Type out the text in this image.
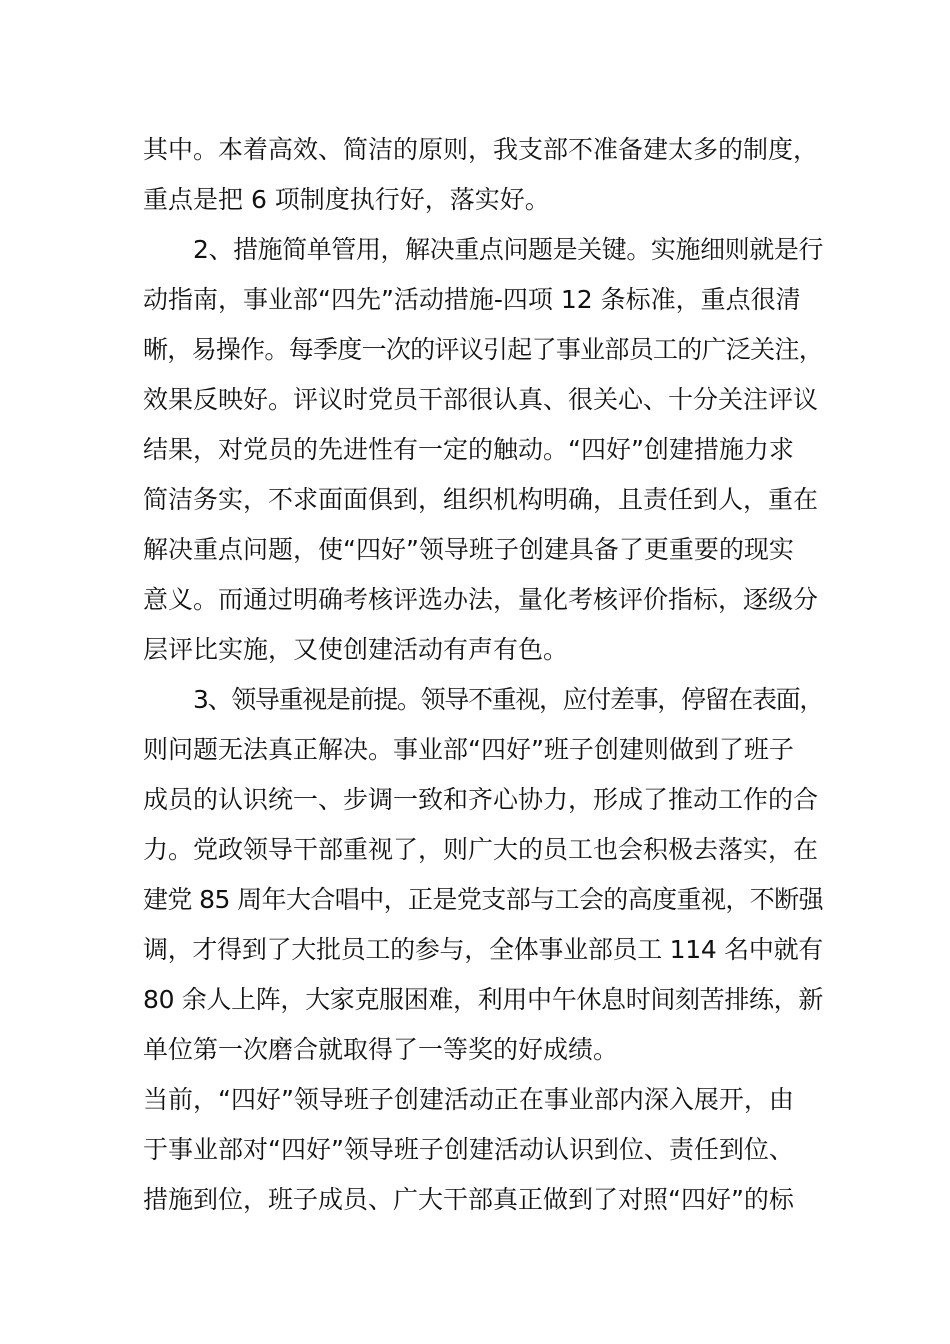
其中。本着高效、简洁的原则，我支部不准备建太多的制度，
重点是把 6 项制度执行好，落实好。
2、措施简单管用，解决重点问题是关键。实施细则就是行
动指南，事业部“四先”活动措施-四项 12 条标准，重点很清
晰，易操作。每季度一次的评议引起了事业部员工的广泛关注，
效果反映好。评议时党员干部很认真、很关心、十分关注评议
结果，对党员的先进性有一定的触动。“四好”创建措施力求
简洁务实，不求面面俱到，组织机构明确，且责任到人，重在
解决重点问题，使“四好”领导班子创建具备了更重要的现实
意义。而通过明确考核评选办法，量化考核评价指标，逐级分
层评比实施，又使创建活动有声有色。
3、领导重视是前提。领导不重视，应付差事，停留在表面，
则问题无法真正解决。事业部“四好”班子创建则做到了班子
成员的认识统一、步调一致和齐心协力，形成了推动工作的合
力。党政领导干部重视了，则广大的员工也会积极去落实，在
建党 85 周年大合唱中，正是党支部与工会的高度重视，不断强
调，才得到了大批员工的参与，全体事业部员工 114 名中就有
80 余人上阵，大家克服困难，利用中午休息时间刻苦排练，新
单位第一次磨合就取得了一等奖的好成绩。
当前，“四好”领导班子创建活动正在事业部内深入展开，由
于事业部对“四好”领导班子创建活动认识到位、责任到位、
措施到位，班子成员、广大干部真正做到了对照“四好”的标
